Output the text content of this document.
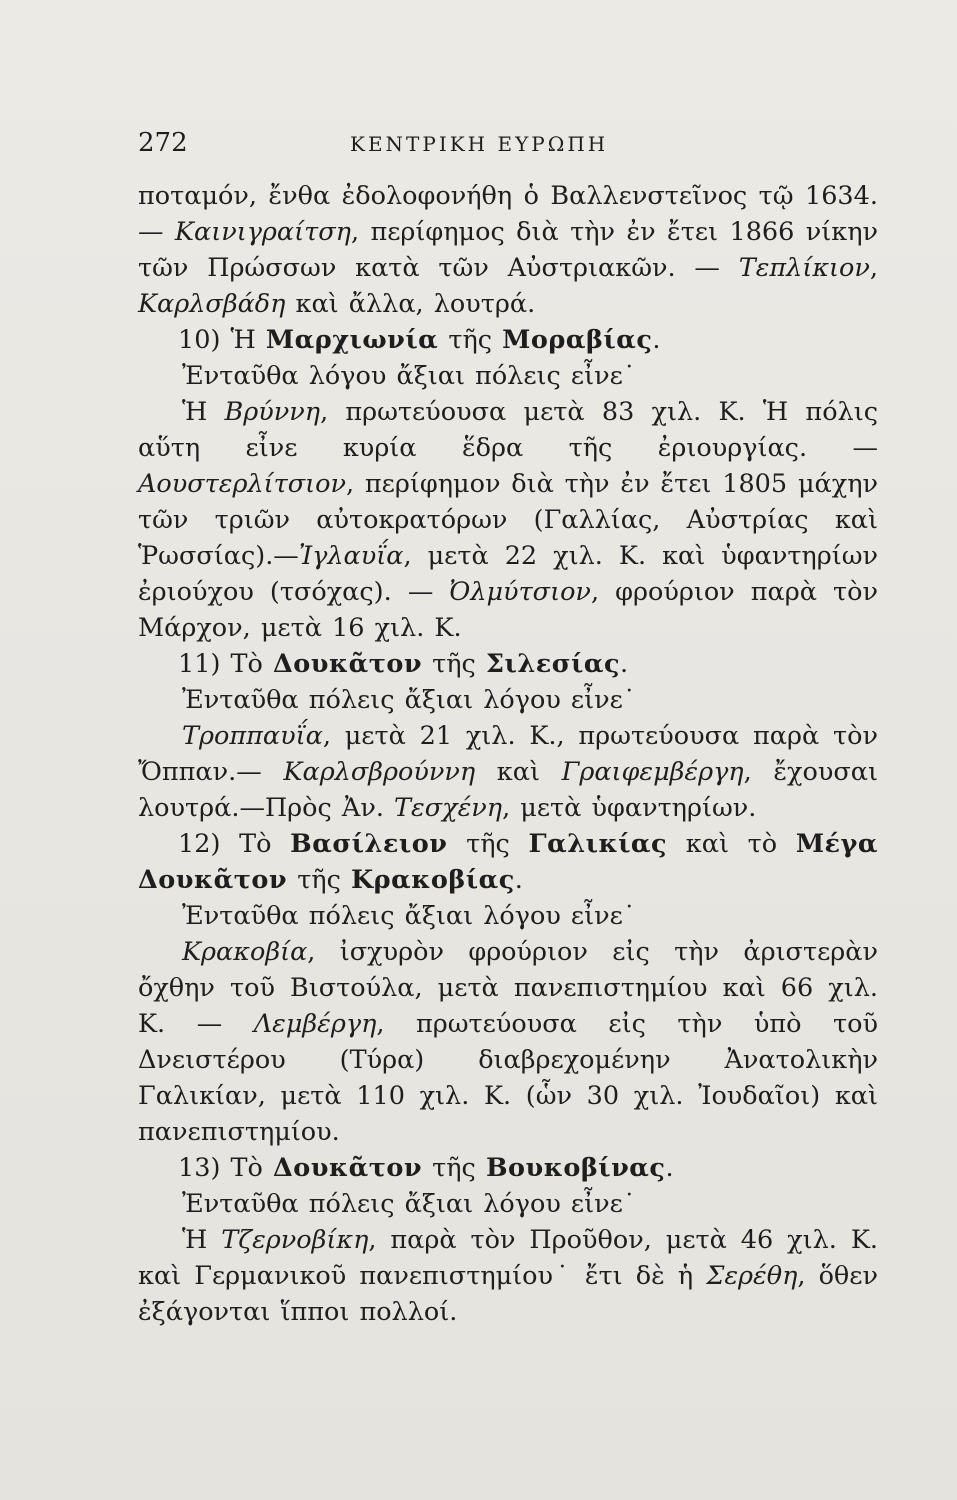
272	ΚΕΝΤΡΙΚΗ ΕΥΡΩΠΗ

ποταμόν, ἔνθα ἐδολοφονήθη ὁ Βαλλενστεῖνος τῷ 1634.— Καινιγραίτση, περίφημος διὰ τὴν ἐν ἔτει 1866 νίκην τῶν Πρώσσων κατὰ τῶν Αὐστριακῶν. — Τεπλίκιον, Καρλσβάδη καὶ ἄλλα, λουτρά.

10) Ἡ Μαρχιωνία τῆς Μοραβίας.

Ἐνταῦθα λόγου ἄξιαι πόλεις εἶνε˙

Ἡ Βρύννη, πρωτεύουσα μετὰ 83 χιλ. Κ. Ἡ πόλις αὕτη εἶνε κυρία ἕδρα τῆς ἐριουργίας. — Αουστερλίτσιον, περίφημον διὰ τὴν ἐν ἔτει 1805 μάχην τῶν τριῶν αὐτοκρατόρων (Γαλλίας, Αὐστρίας καὶ Ῥωσσίας).—Ἰγλαυΐα, μετὰ 22 χιλ. Κ. καὶ ὑφαντηρίων ἐριούχου (τσόχας). — Ὀλμύτσιον, φρούριον παρὰ τὸν Μάρχον, μετὰ 16 χιλ. Κ.

11) Τὸ Δουκᾶτον τῆς Σιλεσίας.

Ἐνταῦθα πόλεις ἄξιαι λόγου εἶνε˙

Τροππαυΐα, μετὰ 21 χιλ. Κ., πρωτεύουσα παρὰ τὸν Ὄππαν.— Καρλσβρούννη καὶ Γραιφεμβέργη, ἔχουσαι λουτρά.—Πρὸς Ἀν. Τεσχένη, μετὰ ὑφαντηρίων.

12) Τὸ Βασίλειον τῆς Γαλικίας καὶ τὸ Μέγα Δουκᾶτον τῆς Κρακοβίας.

Ἐνταῦθα πόλεις ἄξιαι λόγου εἶνε˙

Κρακοβία, ἰσχυρὸν φρούριον εἰς τὴν ἀριστερὰν ὄχθην τοῦ Βιστούλα, μετὰ πανεπιστημίου καὶ 66 χιλ. Κ. — Λεμβέργη, πρωτεύουσα εἰς τὴν ὑπὸ τοῦ Δνειστέρου (Τύρα) διαβρεχομένην Ἀνατολικὴν Γαλικίαν, μετὰ 110 χιλ. Κ. (ὧν 30 χιλ. Ἰουδαῖοι) καὶ πανεπιστημίου.

13) Τὸ Δουκᾶτον τῆς Βουκοβίνας.

Ἐνταῦθα πόλεις ἄξιαι λόγου εἶνε˙

Ἡ Τζερνοβίκη, παρὰ τὸν Προῦθον, μετὰ 46 χιλ. Κ. καὶ Γερμανικοῦ πανεπιστημίου˙ ἔτι δὲ ἡ Σερέθη, ὅθεν ἐξάγονται ἵπποι πολλοί.
